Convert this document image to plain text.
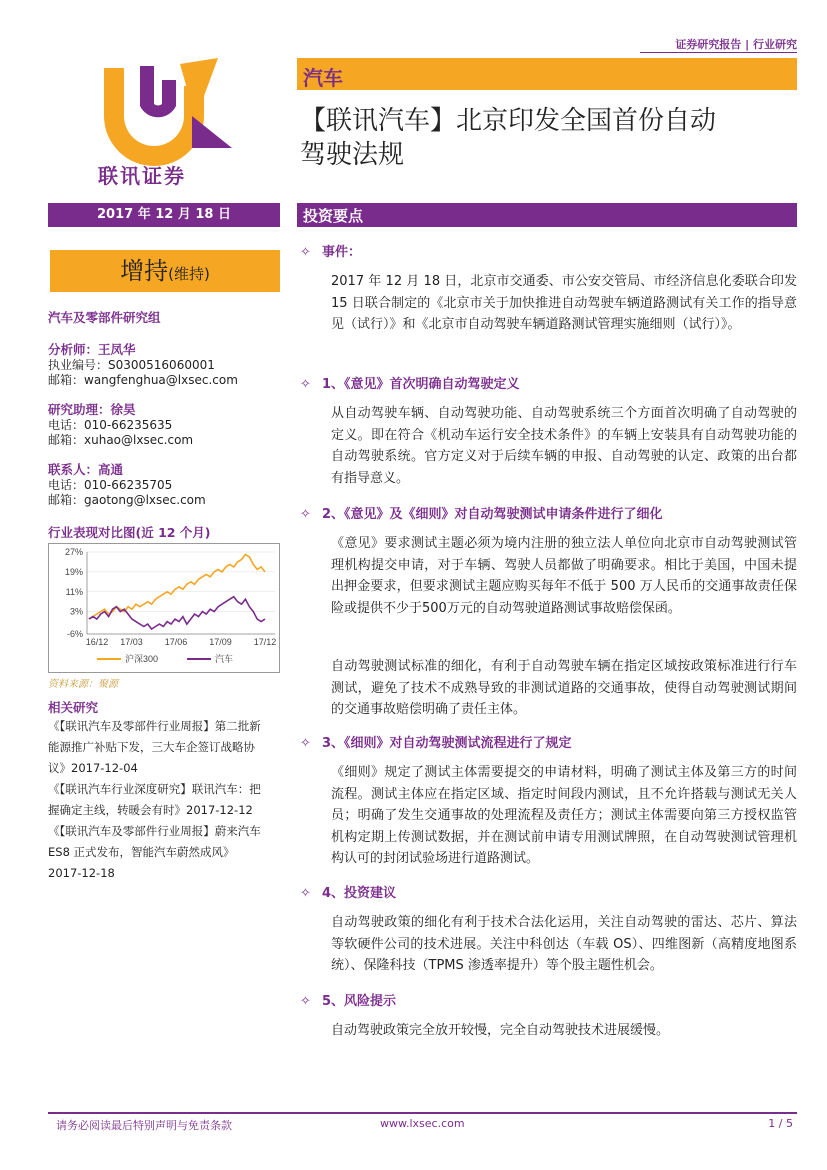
证券研究报告 | 行业研究
汽车
【联讯汽车】北京印发全国首份自动
驾驶法规
联讯证券
2017 年 12 月 18 日
增持(维持)
汽车及零部件研究组
分析师：王凤华
执业编号：S0300516060001
邮箱：wangfenghua@lxsec.com
研究助理：徐昊
电话：010-66235635
邮箱：xuhao@lxsec.com
联系人：高通
电话：010-66235705
邮箱：gaotong@lxsec.com
行业表现对比图(近 12 个月)
27%
19%
11%
3%
-6%
16/12 17/03 17/06 17/09 17/12
沪深300	汽车
资料来源：聚源
相关研究
《【联讯汽车及零部件行业周报】第二批新
能源推广补贴下发，三大车企签订战略协
议》2017-12-04
《【联讯汽车行业深度研究】联讯汽车：把
握确定主线，转暖会有时》2017-12-12
《【联讯汽车及零部件行业周报】蔚来汽车
ES8 正式发布，智能汽车蔚然成风》
2017-12-18
投资要点
✧ 事件：
2017 年 12 月 18 日，北京市交通委、市公安交管局、市经济信息化委联合印发 15 日联合制定的《北京市关于加快推进自动驾驶车辆道路测试有关工作的指导意见（试行）》和《北京市自动驾驶车辆道路测试管理实施细则（试行）》。
✧ 1、《意见》首次明确自动驾驶定义
从自动驾驶车辆、自动驾驶功能、自动驾驶系统三个方面首次明确了自动驾驶的定义。即在符合《机动车运行安全技术条件》的车辆上安装具有自动驾驶功能的自动驾驶系统。官方定义对于后续车辆的申报、自动驾驶的认定、政策的出台都有指导意义。
✧ 2、《意见》及《细则》对自动驾驶测试申请条件进行了细化
《意见》要求测试主题必须为境内注册的独立法人单位向北京市自动驾驶测试管理机构提交申请，对于车辆、驾驶人员都做了明确要求。相比于美国，中国未提出押金要求，但要求测试主题应购买每年不低于 500 万人民币的交通事故责任保险或提供不少于500万元的自动驾驶道路测试事故赔偿保函。
自动驾驶测试标准的细化，有利于自动驾驶车辆在指定区域按政策标准进行行车测试，避免了技术不成熟导致的非测试道路的交通事故，使得自动驾驶测试期间的交通事故赔偿明确了责任主体。
✧ 3、《细则》对自动驾驶测试流程进行了规定
《细则》规定了测试主体需要提交的申请材料，明确了测试主体及第三方的时间流程。测试主体应在指定区域、指定时间段内测试，且不允许搭载与测试无关人员；明确了发生交通事故的处理流程及责任方；测试主体需要向第三方授权监管机构定期上传测试数据，并在测试前申请专用测试牌照，在自动驾驶测试管理机构认可的封闭试验场进行道路测试。
✧ 4、投资建议
自动驾驶政策的细化有利于技术合法化运用，关注自动驾驶的雷达、芯片、算法等软硬件公司的技术进展。关注中科创达（车载 OS）、四维图新（高精度地图系统）、保隆科技（TPMS 渗透率提升）等个股主题性机会。
✧ 5、风险提示
自动驾驶政策完全放开较慢，完全自动驾驶技术进展缓慢。
请务必阅读最后特别声明与免责条款	www.lxsec.com	1 / 5
